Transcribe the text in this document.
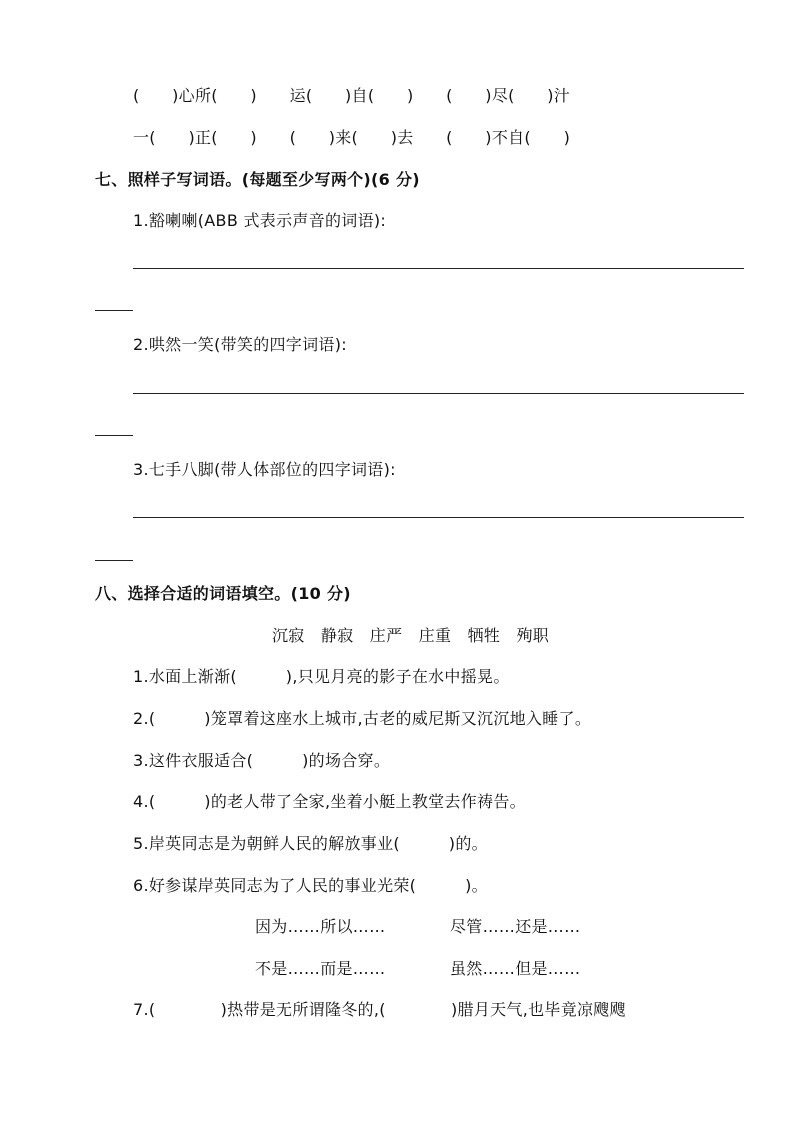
(　　)心所(　　)　　运(　　)自(　　)　　(　　)尽(　　)汁
一(　　)正(　　)　　(　　)来(　　)去　　(　　)不自(　　)
七、照样子写词语。(每题至少写两个)(6 分)
1.豁喇喇(ABB 式表示声音的词语):
2.哄然一笑(带笑的四字词语):
3.七手八脚(带人体部位的四字词语):
八、选择合适的词语填空。(10 分)
沉寂　静寂　庄严　庄重　牺牲　殉职
1.水面上渐渐(　　　),只见月亮的影子在水中摇晃。
2.(　　　)笼罩着这座水上城市,古老的威尼斯又沉沉地入睡了。
3.这件衣服适合(　　　)的场合穿。
4.(　　　)的老人带了全家,坐着小艇上教堂去作祷告。
5.岸英同志是为朝鲜人民的解放事业(　　　)的。
6.好参谋岸英同志为了人民的事业光荣(　　　)。
因为……所以……	尽管……还是……
不是……而是……	虽然……但是……
7.(　　　　)热带是无所谓隆冬的,(　　　　)腊月天气,也毕竟凉飕飕
